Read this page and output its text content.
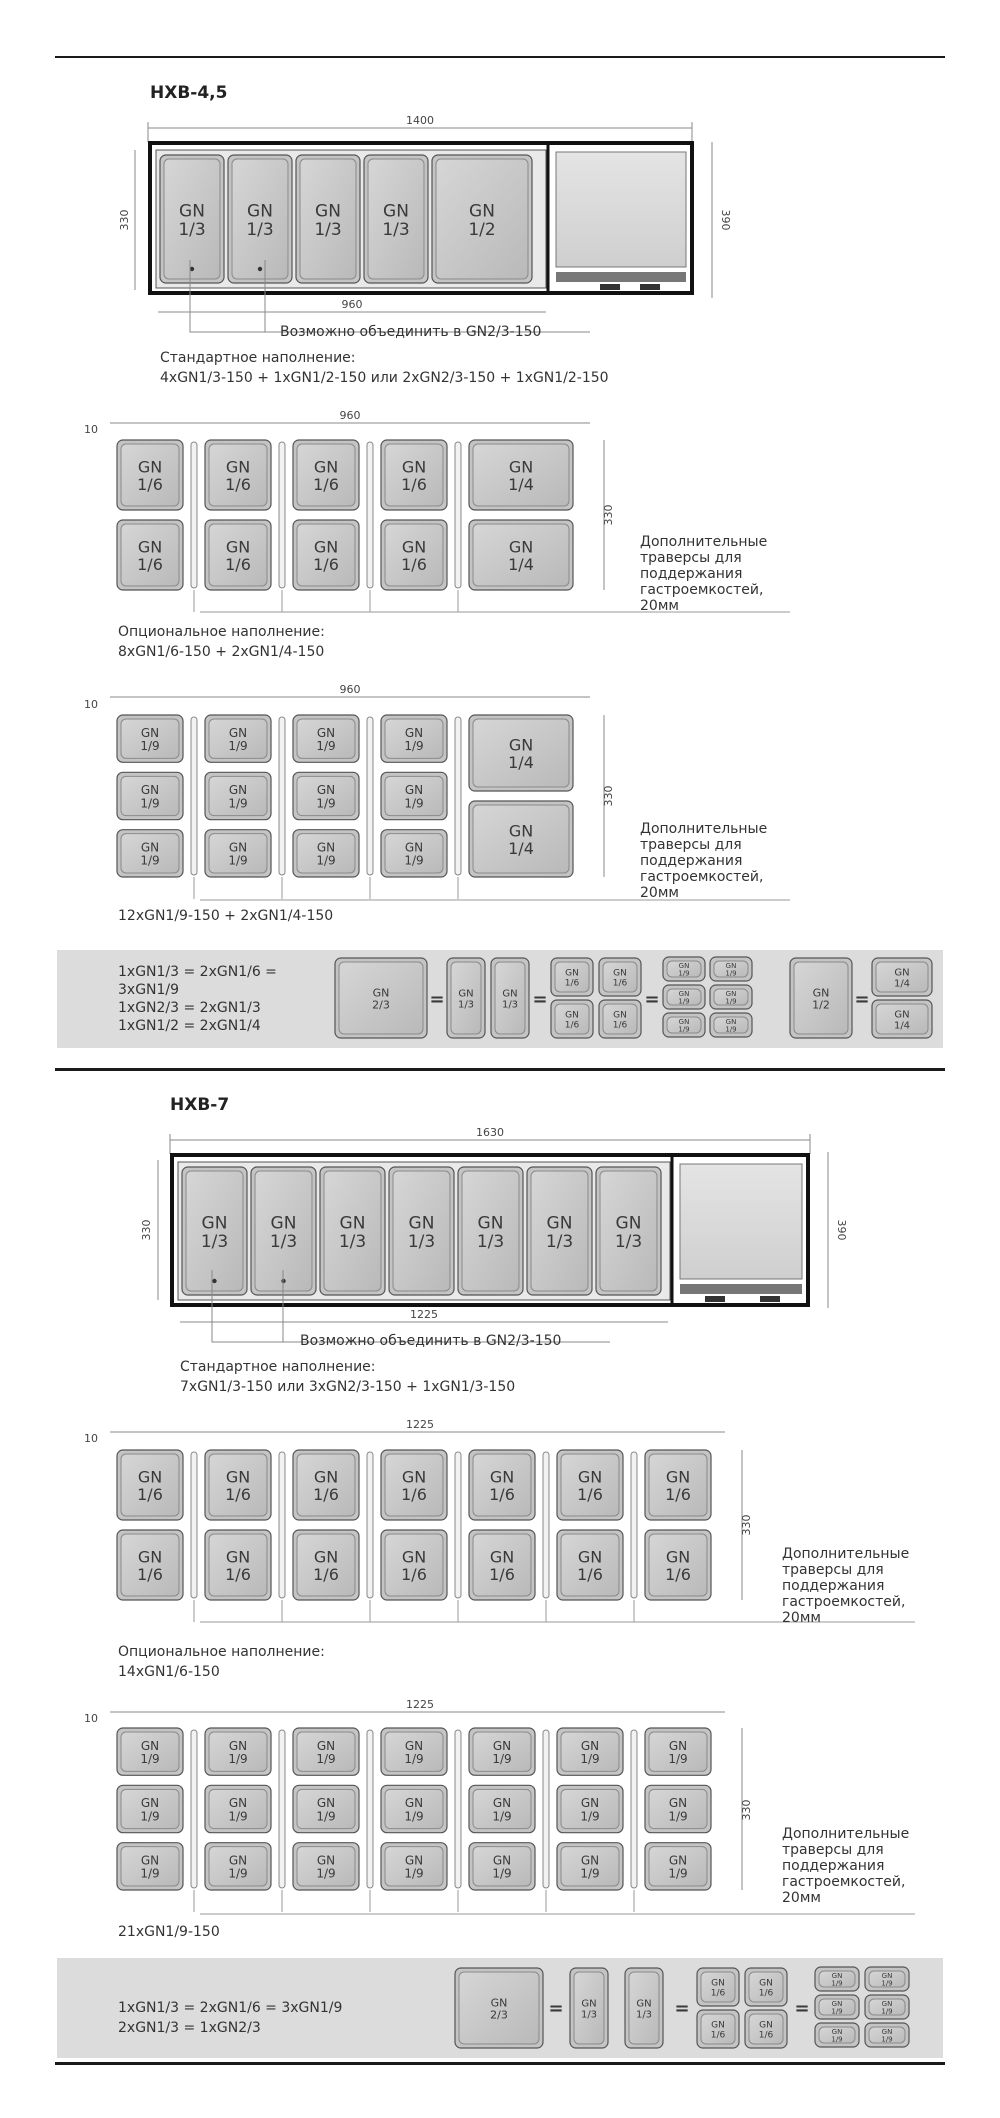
HXB-4,5
1400
330	390
GN
1/3
GN
1/3
GN
1/3
GN
1/3
GN
1/2
960
Возможно объединить в GN2/3-150
Стандартное наполнение:
4xGN1/3-150 + 1xGN1/2-150 или 2xGN2/3-150 + 1xGN1/2-150
960
10
330
GN
1/6
GN
1/6
GN
1/6
GN
1/6
GN
1/6
GN
1/6
GN
1/6
GN
1/6
GN
1/4
GN
1/4
Дополнительные
траверсы для
поддержания
гастроемкостей,
20мм
Опциональное наполнение:
8xGN1/6-150 + 2xGN1/4-150
960
10
330
GN
1/9
GN
1/9
GN
1/9
GN
1/9
GN
1/9
GN
1/9
GN
1/9
GN
1/9
GN
1/9
GN
1/9
GN
1/9
GN
1/9
GN
1/4
GN
1/4
Дополнительные
траверсы для
поддержания
гастроемкостей,
20мм
12xGN1/9-150 + 2xGN1/4-150
1xGN1/3 = 2xGN1/6 =
3xGN1/9
1xGN2/3 = 2xGN1/3
1xGN1/2 = 2xGN1/4
GN
2/3 = GN
1/3
GN
1/3 =
GN
1/6
GN
1/6
GN
1/6
GN
1/6
=
GN
1/9
GN
1/9
GN
1/9
GN
1/9
GN
1/9
GN
1/9
GN
1/2 =
GN
1/4
GN
1/4
HXB-7
1630
330	390
GN
1/3
GN
1/3
GN
1/3
GN
1/3
GN
1/3
GN
1/3
GN
1/3
1225
Возможно объединить в GN2/3-150
Стандартное наполнение:
7xGN1/3-150 или 3xGN2/3-150 + 1xGN1/3-150
1225
10
330
GN
1/6
GN
1/6
GN
1/6
GN
1/6
GN
1/6
GN
1/6
GN
1/6
GN
1/6
GN
1/6
GN
1/6
GN
1/6
GN
1/6
GN
1/6
GN
1/6
Дополнительные
траверсы для
поддержания
гастроемкостей,
20мм
Опциональное наполнение:
14xGN1/6-150
1225
10
330
GN
1/9
GN
1/9
GN
1/9
GN
1/9
GN
1/9
GN
1/9
GN
1/9
GN
1/9
GN
1/9
GN
1/9
GN
1/9
GN
1/9
GN
1/9
GN
1/9
GN
1/9
GN
1/9
GN
1/9
GN
1/9
GN
1/9
GN
1/9
GN
1/9
Дополнительные
траверсы для
поддержания
гастроемкостей,
20мм
21xGN1/9-150
1xGN1/3 = 2xGN1/6 = 3xGN1/9
2xGN1/3 = 1xGN2/3
GN
2/3 = GN
1/3
GN
1/3 =
GN
1/6
GN
1/6
GN
1/6
GN
1/6
=
GN
1/9
GN
1/9
GN
1/9
GN
1/9
GN
1/9
GN
1/9
